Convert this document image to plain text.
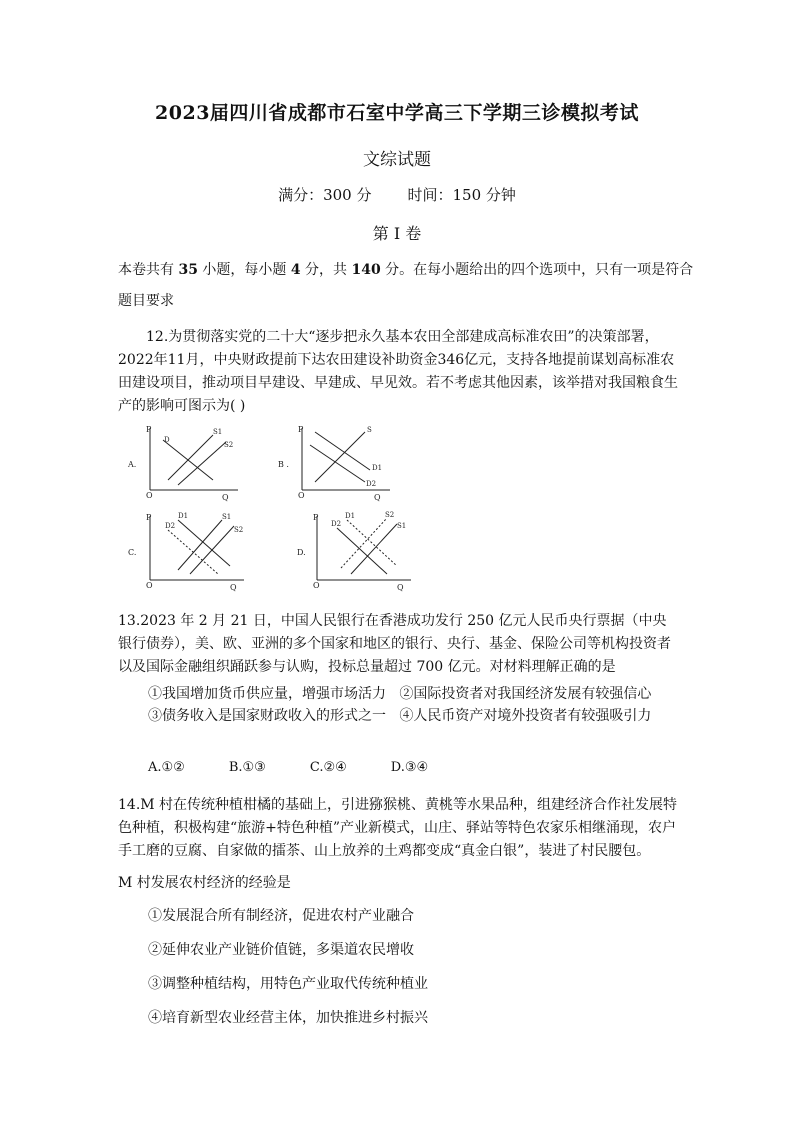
2023届四川省成都市石室中学高三下学期三诊模拟考试
文综试题
满分：300 分 时间：150 分钟
第 I 卷
本卷共有 35 小题，每小题 4 分，共 140 分。在每小题给出的四个选项中，只有一项是符合
题目要求
12.为贯彻落实党的二十大“逐步把永久基本农田全部建成高标准农田”的决策部署，2022年11月，中央财政提前下达农田建设补助资金346亿元，支持各地提前谋划高标准农田建设项目，推动项目早建设、早建成、早见效。若不考虑其他因素，该举措对我国粮食生产的影响可图示为( )
P
O	Q
A.
D
S1
S2
P
O	Q
B .
S
D1
D2
P
O	Q
C.
D1
D2
S1
S2
P
O	Q
D.
D2
D1	S2
S1
13.2023 年 2 月 21 日，中国人民银行在香港成功发行 250 亿元人民币央行票据（中央银行债券），美、欧、亚洲的多个国家和地区的银行、央行、基金、保险公司等机构投资者以及国际金融组织踊跃参与认购，投标总量超过 700 亿元。对材料理解正确的是
①我国增加货币供应量，增强市场活力 ②国际投资者对我国经济发展有较强信心
③债务收入是国家财政收入的形式之一 ④人民币资产对境外投资者有较强吸引力
A.①②	B.①③	C.②④	D.③④
14.M 村在传统种植柑橘的基础上，引进猕猴桃、黄桃等水果品种，组建经济合作社发展特色种植，积极构建“旅游+特色种植”产业新模式，山庄、驿站等特色农家乐相继涌现，农户手工磨的豆腐、自家做的擂茶、山上放养的土鸡都变成“真金白银”，装进了村民腰包。
M 村发展农村经济的经验是
①发展混合所有制经济，促进农村产业融合
②延伸农业产业链价值链，多渠道农民增收
③调整种植结构，用特色产业取代传统种植业
④培育新型农业经营主体，加快推进乡村振兴
